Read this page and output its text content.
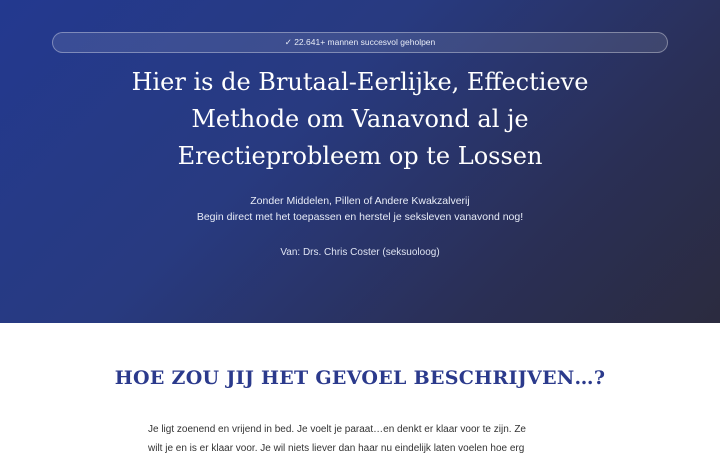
✓ 22.641+ mannen succesvol geholpen
Hier is de Brutaal-Eerlijke, Effectieve
Methode om Vanavond al je
Erectieprobleem op te Lossen
Zonder Middelen, Pillen of Andere Kwakzalverij
Begin direct met het toepassen en herstel je seksleven vanavond nog!
Van: Drs. Chris Coster (seksuoloog)
HOE ZOU JIJ HET GEVOEL BESCHRIJVEN…?
Je ligt zoenend en vrijend in bed. Je voelt je paraat…en denkt er klaar voor te zijn. Ze
wilt je en is er klaar voor. Je wil niets liever dan haar nu eindelijk laten voelen hoe erg
